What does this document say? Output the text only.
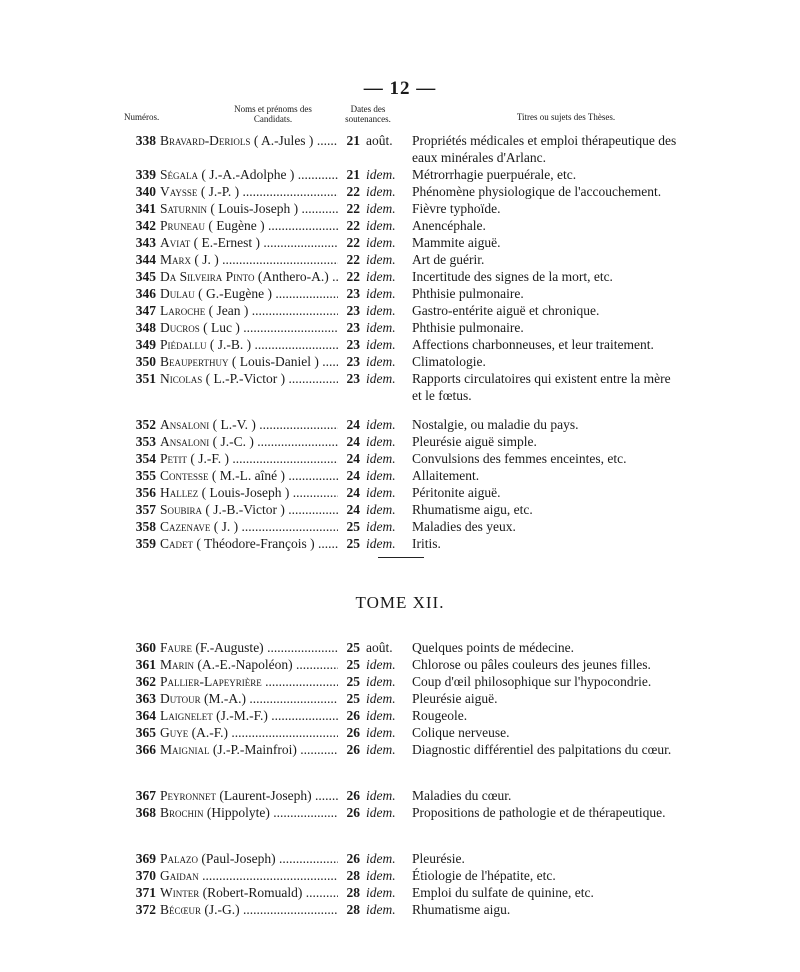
— 12 —
Numéros.
Noms et prénoms des Candidats.
Dates des soutenances.	Titres ou sujets des Thèses.
338 Bravard-Deriols ( A.-Jules ) .....	21 août.	Propriétés médicales et emploi thérapeutique des eaux minérales d'Arlanc.
339 Ségala ( J.-A.-Adolphe ) .....	21 idem.	Métrorrhagie puerpuérale, etc.
340 Vaysse ( J.-P. ) .....	22 idem.	Phénomène physiologique de l'accouchement.
341 Saturnin ( Louis-Joseph ) .....	22 idem.	Fièvre typhoïde.
342 Pruneau ( Eugène ) .....	22 idem.	Anencéphale.
343 Aviat ( E.-Ernest ) .....	22 idem.	Mammite aiguë.
344 Marx ( J. ) .....	22 idem.	Art de guérir.
345 Da Silveira Pinto (Anthero-A.) .....	22 idem.	Incertitude des signes de la mort, etc.
346 Dulau ( G.-Eugène ) .....	23 idem.	Phthisie pulmonaire.
347 Laroche ( Jean ) .....	23 idem.	Gastro-entérite aiguë et chronique.
348 Ducros ( Luc ) .....	23 idem.	Phthisie pulmonaire.
349 Piédallu ( J.-B. ) .....	23 idem.	Affections charbonneuses, et leur traitement.
350 Beauperthuy ( Louis-Daniel ) .....	23 idem.	Climatologie.
351 Nicolas ( L.-P.-Victor ) .....	23 idem.	Rapports circulatoires qui existent entre la mère et le fœtus.
352 Ansaloni ( L.-V. ) .....	24 idem.	Nostalgie, ou maladie du pays.
353 Ansaloni ( J.-C. ) .....	24 idem.	Pleurésie aiguë simple.
354 Petit ( J.-F. ) .....	24 idem.	Convulsions des femmes enceintes, etc.
355 Contesse ( M.-L. aîné ) .....	24 idem.	Allaitement.
356 Hallez ( Louis-Joseph ) .....	24 idem.	Péritonite aiguë.
357 Soubira ( J.-B.-Victor ) .....	24 idem.	Rhumatisme aigu, etc.
358 Cazenave ( J. ) .....	25 idem.	Maladies des yeux.
359 Cadet ( Théodore-François ) .....	25 idem.	Iritis.
TOME XII.
360 Faure (F.-Auguste) .....	25 août.	Quelques points de médecine.
361 Marin (A.-E.-Napoléon) .....	25 idem.	Chlorose ou pâles couleurs des jeunes filles.
362 Pallier-Lapeyrière .....	25 idem.	Coup d'œil philosophique sur l'hypocondrie.
363 Dutour (M.-A.) .....	25 idem.	Pleurésie aiguë.
364 Laignelet (J.-M.-F.) .....	26 idem.	Rougeole.
365 Guye (A.-F.) .....	26 idem.	Colique nerveuse.
366 Maignial (J.-P.-Mainfroi) .....	26 idem.	Diagnostic différentiel des palpitations du cœur.
367 Peyronnet (Laurent-Joseph) .....	26 idem.	Maladies du cœur.
368 Brochin (Hippolyte) .....	26 idem.	Propositions de pathologie et de thérapeutique.
369 Palazo (Paul-Joseph) .....	26 idem.	Pleurésie.
370 Gaidan .....	28 idem.	Étiologie de l'hépatite, etc.
371 Winter (Robert-Romuald) .....	28 idem.	Emploi du sulfate de quinine, etc.
372 Bécœur (J.-G.) .....	28 idem.	Rhumatisme aigu.
